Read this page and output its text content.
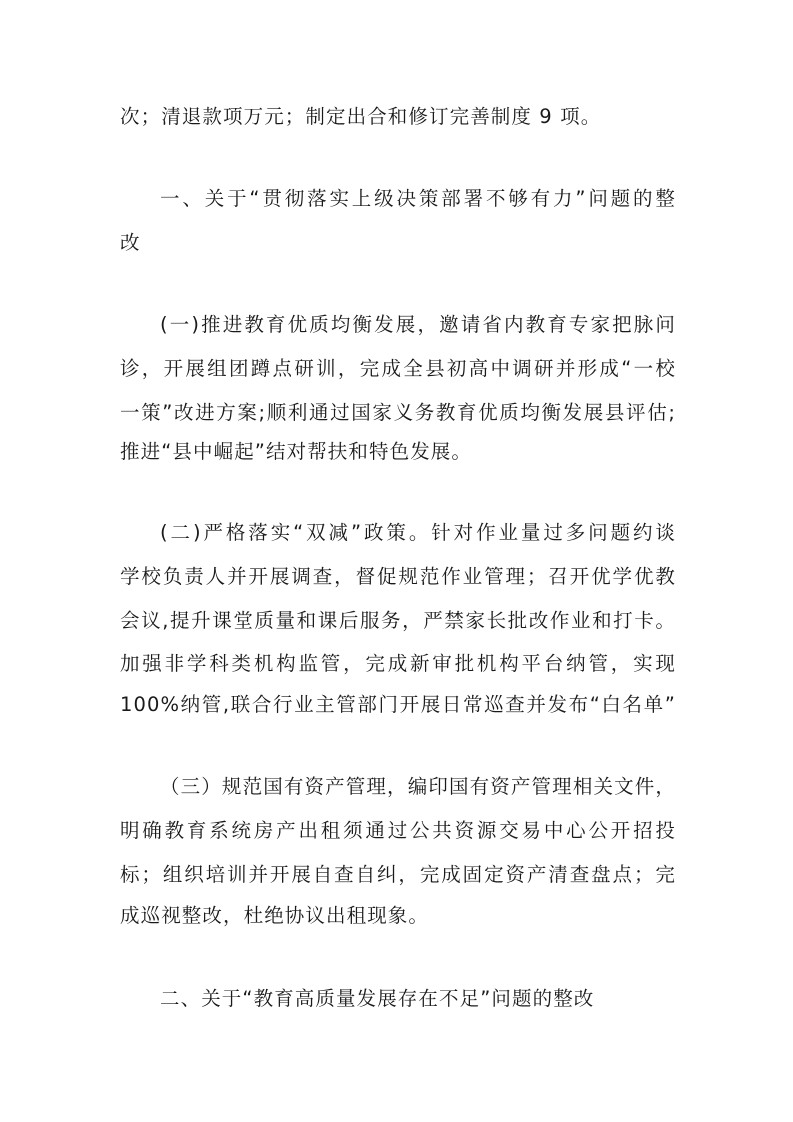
次；清退款项万元；制定出合和修订完善制度 9 项。
一、关于“贯彻落实上级决策部署不够有力”问题的整
改
(一)推进教育优质均衡发展，邀请省内教育专家把脉问
诊，开展组团蹲点研训，完成全县初高中调研并形成“一校
一策”改进方案;顺利通过国家义务教育优质均衡发展县评估;
推进“县中崛起”结对帮扶和特色发展。
(二)严格落实“双减”政策。针对作业量过多问题约谈
学校负责人并开展调查，督促规范作业管理；召开优学优教
会议,提升课堂质量和课后服务，严禁家长批改作业和打卡。
加强非学科类机构监管，完成新审批机构平台纳管，实现
100%纳管,联合行业主管部门开展日常巡查并发布“白名单”
（三）规范国有资产管理，编印国有资产管理相关文件，
明确教育系统房产出租须通过公共资源交易中心公开招投
标；组织培训并开展自查自纠，完成固定资产清查盘点；完
成巡视整改，杜绝协议出租现象。
二、关于“教育高质量发展存在不足”问题的整改
